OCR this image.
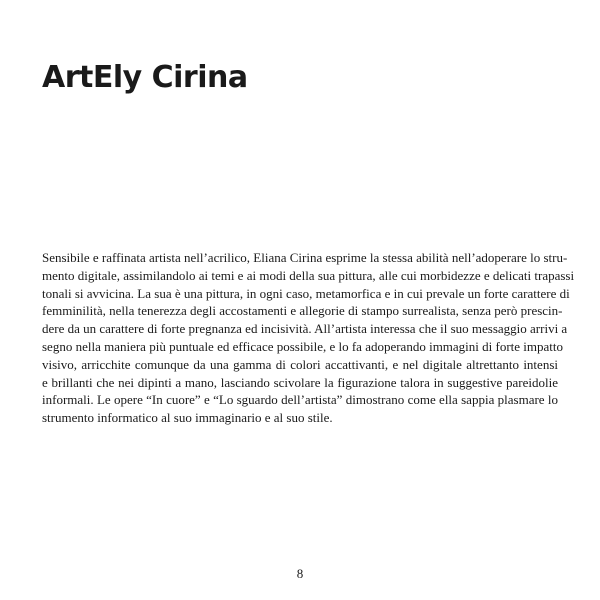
ArtEly Cirina

Sensibile e raffinata artista nell’acrilico, Eliana Cirina esprime la stessa abilità nell’adoperare lo stru-
mento digitale, assimilandolo ai temi e ai modi della sua pittura, alle cui morbidezze e delicati trapassi
tonali si avvicina. La sua è una pittura, in ogni caso, metamorfica e in cui prevale un forte carattere di
femminilità, nella tenerezza degli accostamenti e allegorie di stampo surrealista, senza però prescin-
dere da un carattere di forte pregnanza ed incisività. All’artista interessa che il suo messaggio arrivi a
segno nella maniera più puntuale ed efficace possibile, e lo fa adoperando immagini di forte impatto
visivo, arricchite comunque da una gamma di colori accattivanti, e nel digitale altrettanto intensi
e brillanti che nei dipinti a mano, lasciando scivolare la figurazione talora in suggestive pareidolie
informali. Le opere “In cuore” e “Lo sguardo dell’artista” dimostrano come ella sappia plasmare lo
strumento informatico al suo immaginario e al suo stile.

8
